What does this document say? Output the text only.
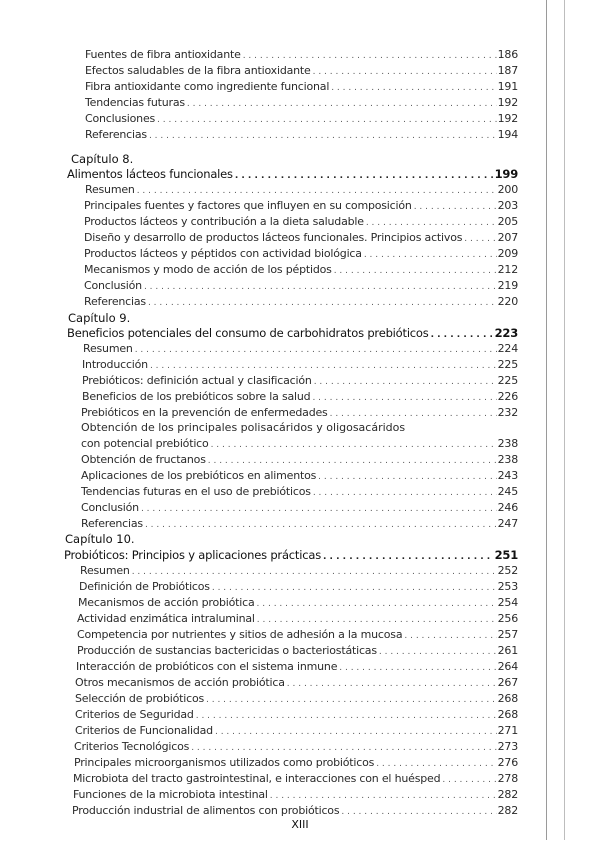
Fuentes de fibra antioxidante . . .	186
Efectos saludables de la fibra antioxidante . . .	187
Fibra antioxidante como ingrediente funcional . . .	191
Tendencias futuras . . .	192
Conclusiones . . .	192
Referencias . . .	194
Capítulo 8.
Alimentos lácteos funcionales . . .	199
Resumen . . .	200
Principales fuentes y factores que influyen en su composición . . .	203
Productos lácteos y contribución a la dieta saludable . . .	205
Diseño y desarrollo de productos lácteos funcionales. Principios activos . . .	207
Productos lácteos y péptidos con actividad biológica . . .	209
Mecanismos y modo de acción de los péptidos . . .	212
Conclusión . . .	219
Referencias . . .	220
Capítulo 9.
Beneficios potenciales del consumo de carbohidratos prebióticos . . .	223
Resumen . . .	224
Introducción . . .	225
Prebióticos: definición actual y clasificación . . .	225
Beneficios de los prebióticos sobre la salud . . .	226
Prebióticos en la prevención de enfermedades . . .	232
Obtención de los principales polisacáridos y oligosacáridos
con potencial prebiótico . . .	238
Obtención de fructanos . . .	238
Aplicaciones de los prebióticos en alimentos . . .	243
Tendencias futuras en el uso de prebióticos . . .	245
Conclusión . . .	246
Referencias . . .	247
Capítulo 10.
Probióticos: Principios y aplicaciones prácticas . . .	251
Resumen . . .	252
Definición de Probióticos . . .	253
Mecanismos de acción probiótica . . .	254
Actividad enzimática intraluminal . . .	256
Competencia por nutrientes y sitios de adhesión a la mucosa . . .	257
Producción de sustancias bactericidas o bacteriostáticas . . .	261
Interacción de probióticos con el sistema inmune . . .	264
Otros mecanismos de acción probiótica . . .	267
Selección de probióticos . . .	268
Criterios de Seguridad . . .	268
Criterios de Funcionalidad . . .	271
Criterios Tecnológicos . . .	273
Principales microorganismos utilizados como probióticos . . .	276
Microbiota del tracto gastrointestinal, e interacciones con el huésped . . .	278
Funciones de la microbiota intestinal . . .	282
Producción industrial de alimentos con probióticos . . .	282
XIII
